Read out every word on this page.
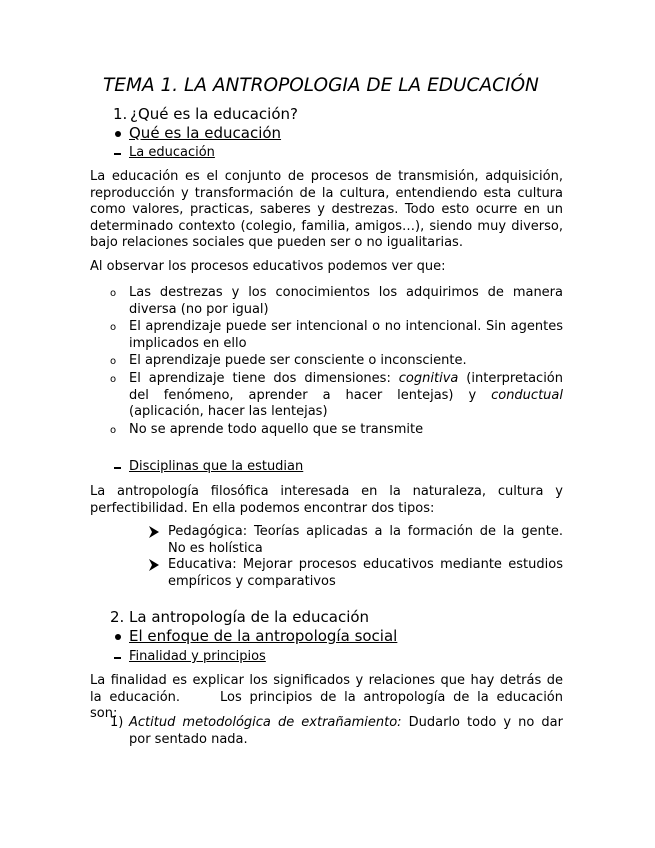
TEMA 1. LA ANTROPOLOGIA DE LA EDUCACIÓN
1. ¿Qué es la educación?
Qué es la educación
La educación
La educación es el conjunto de procesos de transmisión, adquisición, reproducción y transformación de la cultura, entendiendo esta cultura como valores, practicas, saberes y destrezas. Todo esto ocurre en un determinado contexto (colegio, familia, amigos…), siendo muy diverso, bajo relaciones sociales que pueden ser o no igualitarias.
Al observar los procesos educativos podemos ver que:
o Las destrezas y los conocimientos los adquirimos de manera diversa (no por igual)
o El aprendizaje puede ser intencional o no intencional. Sin agentes implicados en ello
o El aprendizaje puede ser consciente o inconsciente.
o El aprendizaje tiene dos dimensiones: cognitiva (interpretación del fenómeno, aprender a hacer lentejas) y conductual (aplicación, hacer las lentejas)
o No se aprende todo aquello que se transmite
Disciplinas que la estudian
La antropología filosófica interesada en la naturaleza, cultura y perfectibilidad. En ella podemos encontrar dos tipos:
Pedagógica: Teorías aplicadas a la formación de la gente. No es holística
Educativa: Mejorar procesos educativos mediante estudios empíricos y comparativos
2. La antropología de la educación
El enfoque de la antropología social
Finalidad y principios
La finalidad es explicar los significados y relaciones que hay detrás de la educación.	Los principios de la antropología de la educación son:
1) Actitud metodológica de extrañamiento: Dudarlo todo y no dar por sentado nada.
